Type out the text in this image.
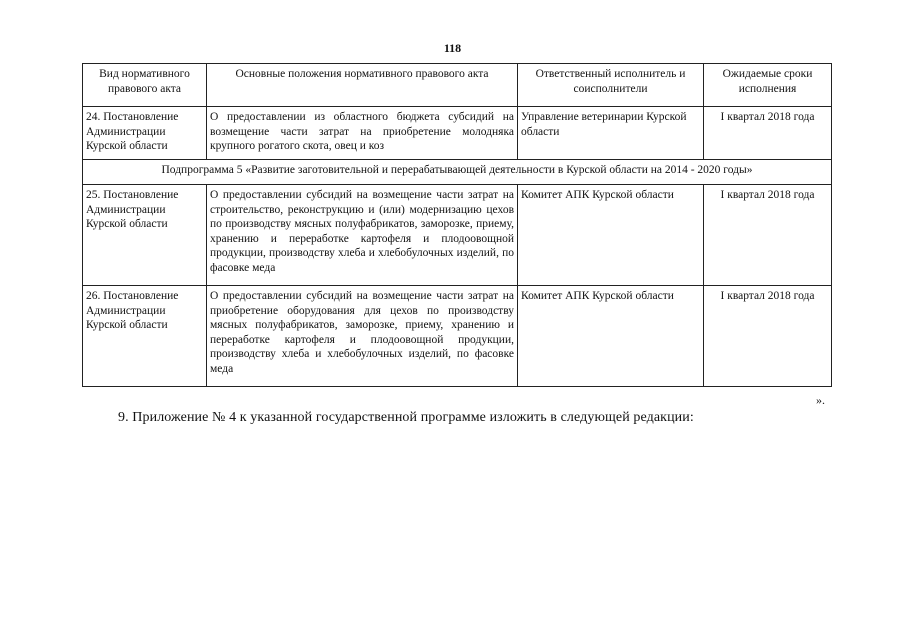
118
Вид нормативного правового акта	Основные положения нормативного правового акта	Ответственный исполнитель и соисполнители	Ожидаемые сроки исполнения
24. Постановление Администрации Курской области	О предоставлении из областного бюджета субсидий на возмещение части затрат на приобретение молодняка крупного рогатого скота, овец и коз	Управление ветеринарии Курской области	I квартал 2018 года
Подпрограмма 5 «Развитие заготовительной и перерабатывающей деятельности в Курской области на 2014 - 2020 годы»			
25. Постановление Администрации Курской области	О предоставлении субсидий на возмещение части затрат на строительство, реконструкцию и (или) модернизацию цехов по производству мясных полуфабрикатов, заморозке, приему, хранению и переработке картофеля и плодоовощной продукции, производству хлеба и хлебобулочных изделий, по фасовке меда	Комитет АПК Курской области	I квартал 2018 года
26. Постановление Администрации Курской области	О предоставлении субсидий на возмещение части затрат на приобретение оборудования для цехов по производству мясных полуфабрикатов, заморозке, приему, хранению и переработке картофеля и плодоовощной продукции, производству хлеба и хлебобулочных изделий, по фасовке меда	Комитет АПК Курской области	I квартал 2018 года
».
9. Приложение № 4 к указанной государственной программе изложить в следующей редакции:
